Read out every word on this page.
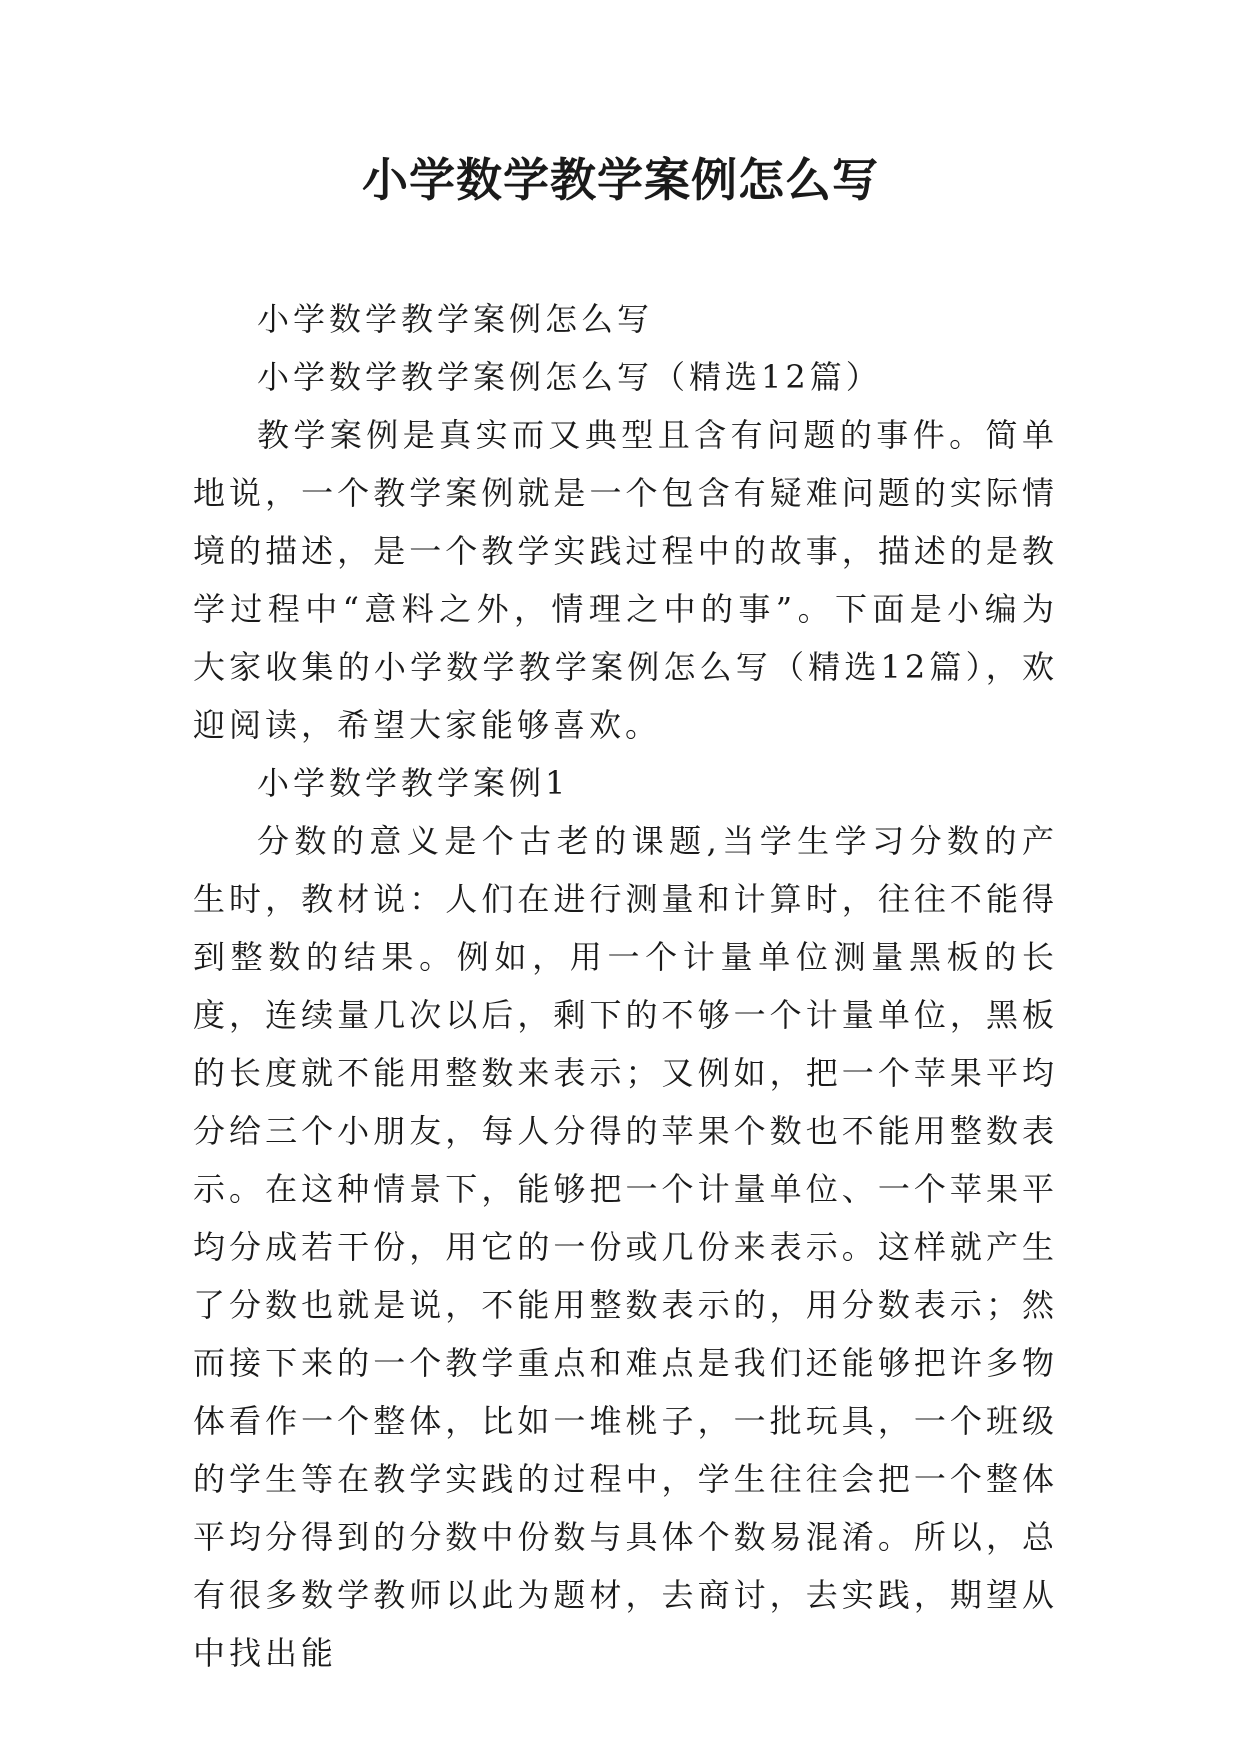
小学数学教学案例怎么写

小学数学教学案例怎么写

小学数学教学案例怎么写（精选12篇）

教学案例是真实而又典型且含有问题的事件。简单地说，一个教学案例就是一个包含有疑难问题的实际情境的描述，是一个教学实践过程中的故事，描述的是教学过程中“意料之外，情理之中的事”。下面是小编为大家收集的小学数学教学案例怎么写（精选12篇），欢迎阅读，希望大家能够喜欢。

小学数学教学案例1

分数的意义是个古老的课题,当学生学习分数的产生时，教材说：人们在进行测量和计算时，往往不能得到整数的结果。例如，用一个计量单位测量黑板的长度，连续量几次以后，剩下的不够一个计量单位，黑板的长度就不能用整数来表示；又例如，把一个苹果平均分给三个小朋友，每人分得的苹果个数也不能用整数表示。在这种情景下，能够把一个计量单位、一个苹果平均分成若干份，用它的一份或几份来表示。这样就产生了分数也就是说，不能用整数表示的，用分数表示；然而接下来的一个教学重点和难点是我们还能够把许多物体看作一个整体，比如一堆桃子，一批玩具，一个班级的学生等在教学实践的过程中，学生往往会把一个整体平均分得到的分数中份数与具体个数易混淆。所以，总有很多数学教师以此为题材，去商讨，去实践，期望从中找出能
